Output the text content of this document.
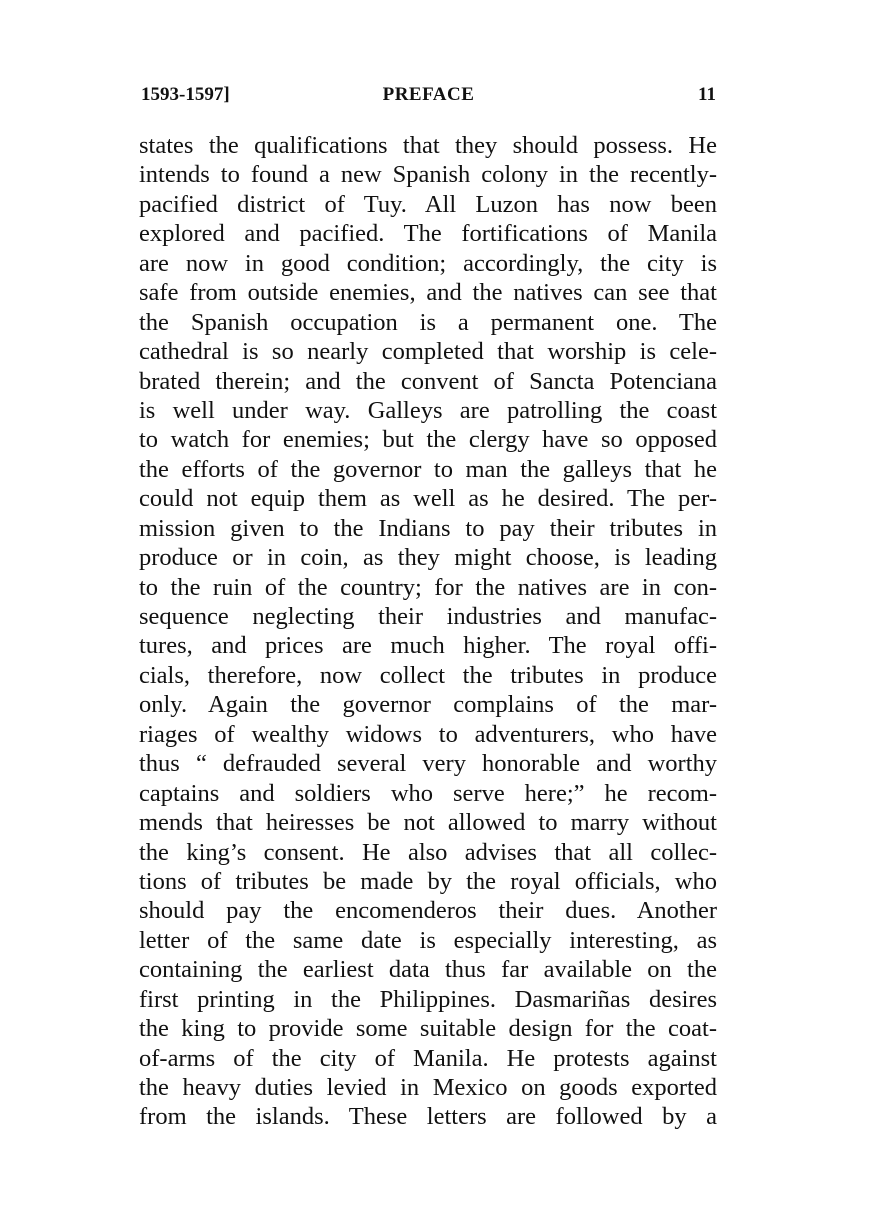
1593-1597]	PREFACE	11
states the qualifications that they should possess. He
intends to found a new Spanish colony in the recently-
pacified district of Tuy. All Luzon has now been
explored and pacified. The fortifications of Manila
are now in good condition; accordingly, the city is
safe from outside enemies, and the natives can see that
the Spanish occupation is a permanent one. The
cathedral is so nearly completed that worship is cele-
brated therein; and the convent of Sancta Potenciana
is well under way. Galleys are patrolling the coast
to watch for enemies; but the clergy have so opposed
the efforts of the governor to man the galleys that he
could not equip them as well as he desired. The per-
mission given to the Indians to pay their tributes in
produce or in coin, as they might choose, is leading
to the ruin of the country; for the natives are in con-
sequence neglecting their industries and manufac-
tures, and prices are much higher. The royal offi-
cials, therefore, now collect the tributes in produce
only. Again the governor complains of the mar-
riages of wealthy widows to adventurers, who have
thus “ defrauded several very honorable and worthy
captains and soldiers who serve here;” he recom-
mends that heiresses be not allowed to marry without
the king’s consent. He also advises that all collec-
tions of tributes be made by the royal officials, who
should pay the encomenderos their dues. Another
letter of the same date is especially interesting, as
containing the earliest data thus far available on the
first printing in the Philippines. Dasmariñas desires
the king to provide some suitable design for the coat-
of-arms of the city of Manila. He protests against
the heavy duties levied in Mexico on goods exported
from the islands. These letters are followed by a
